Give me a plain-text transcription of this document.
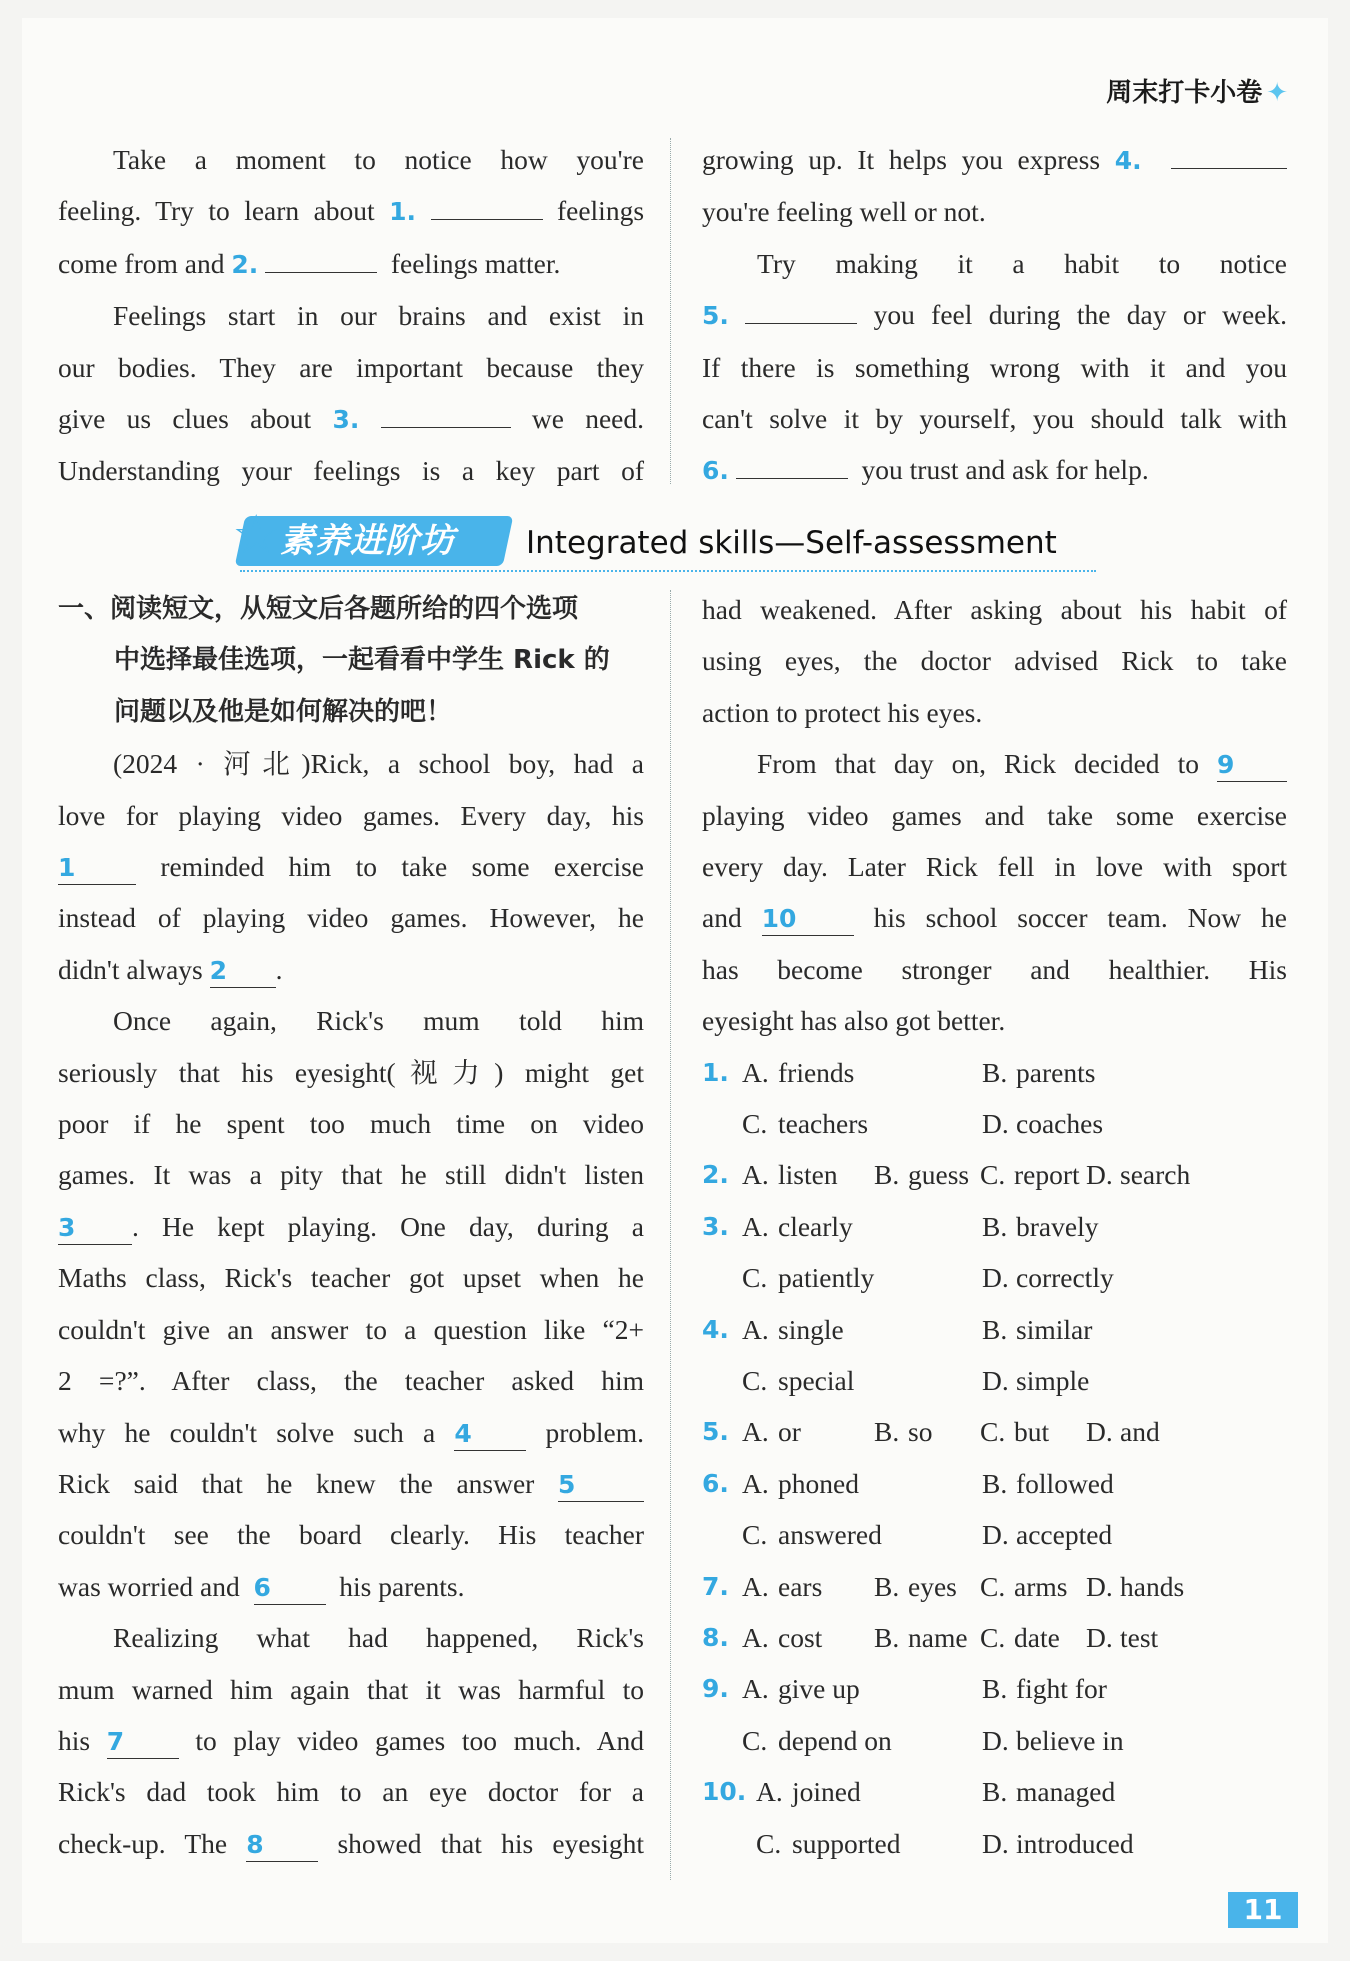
周末打卡小卷 ✦

Take a moment to notice how you're

feeling. Try to learn about 1.	feelings

come from and 2.	feelings matter.

Feelings start in our brains and exist in

our bodies. They are important because they

give us clues about 3.	we need.

Understanding your feelings is a key part of

growing up. It helps you express 4.

you're feeling well or not.

Try making it a habit to notice

5.	you feel during the day or week.

If there is something wrong with it and you

can't solve it by yourself, you should talk with

6.	you trust and ask for help.

☆ 素养进阶坊 Integrated skills—Self-assessment
一、阅读短文，从短文后各题所给的四个选项
中选择最佳选项，一起看看中学生 Rick 的
问题以及他是如何解决的吧！

(2024 · 河北)Rick, a school boy, had a

love for playing video games. Every day, his

1	reminded him to take some exercise

instead of playing video games. However, he

didn't always 2 .

Once again, Rick's mum told him

seriously that his eyesight(视力) might get

poor if he spent too much time on video

games. It was a pity that he still didn't listen

3 . He kept playing. One day, during a

Maths class, Rick's teacher got upset when he

couldn't give an answer to a question like “2+

2 =?”. After class, the teacher asked him

why he couldn't solve such a 4	problem.

Rick said that he knew the answer 5

couldn't see the board clearly. His teacher

was worried and 6 his parents.

Realizing what had happened, Rick's

mum warned him again that it was harmful to

his 7	to play video games too much. And

Rick's dad took him to an eye doctor for a

check-up. The 8	showed that his eyesight

had weakened. After asking about his habit of

using eyes, the doctor advised Rick to take

action to protect his eyes.

From that day on, Rick decided to 9

playing video games and take some exercise

every day. Later Rick fell in love with sport

and 10	his school soccer team. Now he

has become stronger and healthier. His

eyesight has also got better.

1. A. friends	B. parents
C. teachers	D. coaches
2. A. listen B. guess C. report D. search
3. A. clearly	B. bravely
C. patiently	D. correctly
4. A. single	B. similar
C. special	D. simple
5. A. or	B. so C. but D. and
6. A. phoned	B. followed
C. answered	D. accepted
7. A. ears B. eyes C. arms D. hands
8. A. cost B. name C. date D. test
9. A. give up	B. fight for
C. depend on	D. believe in
10. A. joined	B. managed
C. supported	D. introduced
11
